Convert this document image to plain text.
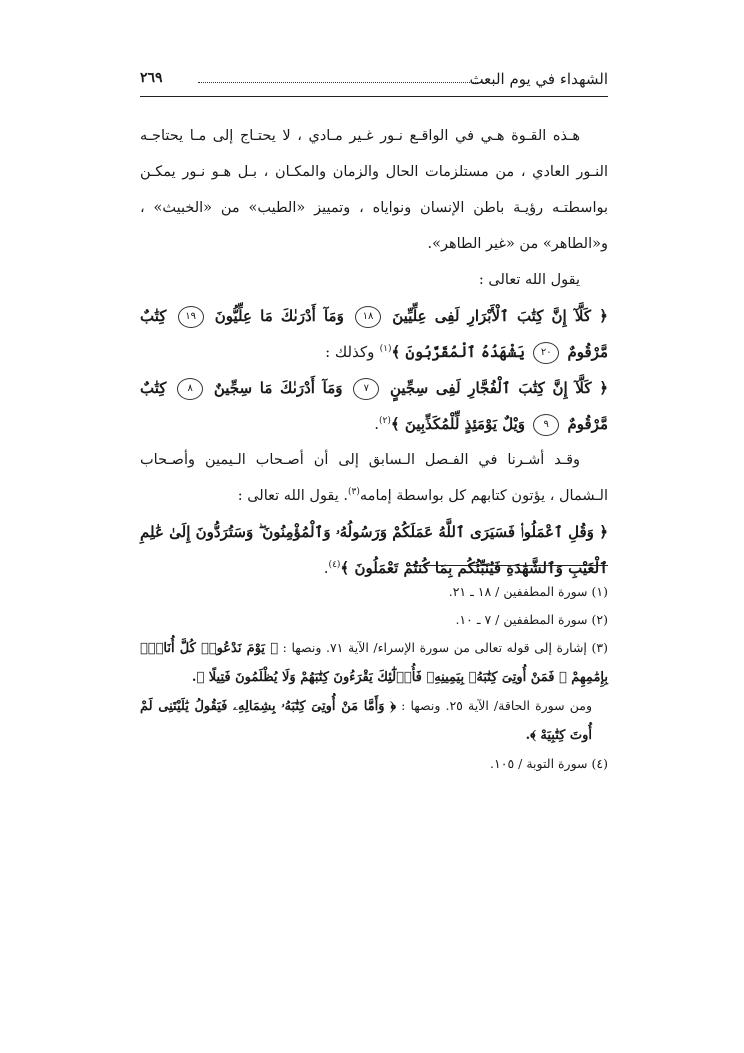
الشهداء في يوم البعث
٢٦٩

هـذه القـوة هـي في الواقـع نـور غـير مـادي ، لا يحتـاج إلى مـا يحتاجـه النـور العادي ، من مستلزمات الحال والزمان والمكـان ، بـل هـو نـور يمكـن بواسطتـه رؤيـة باطن الإنسان ونواياه ، وتمييز «الطيب» من «الخبيث» ، و«الطاهر» من «غير الطاهر».

يقول الله تعالى :

﴿ كَلَّآ إِنَّ كِتَٰبَ ٱلْأَبْرَارِ لَفِى عِلِّيِّينَ ١٨ وَمَآ أَدْرَىٰكَ مَا عِلِّيُّونَ ١٩ كِتَٰبٌ مَّرْقُومٌ ٢٠ يَشْهَدُهُ ٱلْمُقَرَّبُونَ ﴾$^{(١)}$ وكذلك :

﴿ كَلَّآ إِنَّ كِتَٰبَ ٱلْفُجَّارِ لَفِى سِجِّينٍ ٧ وَمَآ أَدْرَىٰكَ مَا سِجِّينٌ ٨ كِتَٰبٌ مَّرْقُومٌ ٩ وَيْلٌ يَوْمَئِذٍ لِّلْمُكَذِّبِينَ ﴾$^{(٢)}$.

وقـد أشـرنا في الفـصل الـسابق إلى أن أصـحاب الـيمين وأصـحاب الـشمال ، يؤتون كتابهم كل بواسطة إمامه$^{(٣)}$. يقول الله تعالى :

﴿ وَقُلِ ٱعْمَلُوا۟ فَسَيَرَى ٱللَّهُ عَمَلَكُمْ وَرَسُولُهُۥ وَٱلْمُؤْمِنُونَ ۖ وَسَتُرَدُّونَ إِلَىٰ عَٰلِمِ ٱلْغَيْبِ وَٱلشَّهَٰدَةِ فَيُنَبِّئُكُم بِمَا كُنتُمْ تَعْمَلُونَ ﴾$^{(٤)}$.

(١) سورة المطففين / ١٨ ـ ٢١.

(٢) سورة المطففين / ٧ ـ ١٠.

(٣) إشارة إلى قوله تعالى من سورة الإسراء/ الآية ٧١. ونصها : ﴿ يَوْمَ نَدْعُوا۟ كُلَّ أُنَاسٍۭ بِإِمَٰمِهِمْ ۖ فَمَنْ أُوتِىَ كِتَٰبَهُۥ بِيَمِينِهِۦ فَأُو۟لَٰٓئِكَ يَقْرَءُونَ كِتَٰبَهُمْ وَلَا يُظْلَمُونَ فَتِيلًا ﴾.

ومن سورة الحاقة/ الآية ٢٥. ونصها : ﴿ وَأَمَّا مَنْ أُوتِىَ كِتَٰبَهُۥ بِشِمَالِهِۦ فَيَقُولُ يَٰلَيْتَنِى لَمْ أُوتَ كِتَٰبِيَهْ ﴾.

(٤) سورة التوبة / ١٠٥.
